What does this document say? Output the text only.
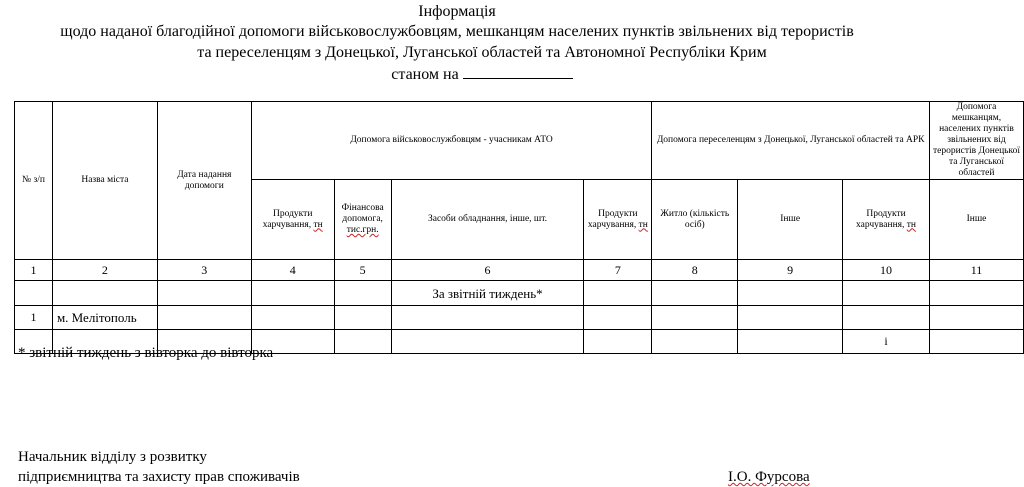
Інформація
щодо наданої благодійної допомоги військовослужбовцям, мешканцям населених пунктів звільнених від терористів
та переселенцям з Донецької, Луганської областей та Автономної Республіки Крим
станом на
№ з/п	Назва міста	Дата надання допомоги	Допомога військовослужбовцям - учасникам АТО				Допомога переселенцям з Донецької, Луганської областей та АРК			Допомога мешканцям, населених пунктів звільнених від терористів Донецької та Луганської областей
			Продукти харчування, тн	Фінансова допомога, тис.грн.	Засоби обладнання, інше, шт.	Продукти харчування, тн	Житло (кількість осіб)	Інше	Продукти харчування, тн	Інше
1	2	3	4	5	6	7	8	9	10	11
					За звітній тиждень*					
1	м. Мелітополь									
									і	
* звітній тиждень з вівторка до вівторка
Начальник відділу з розвитку
підприємництва та захисту прав споживачів	І.О. Фурсова
